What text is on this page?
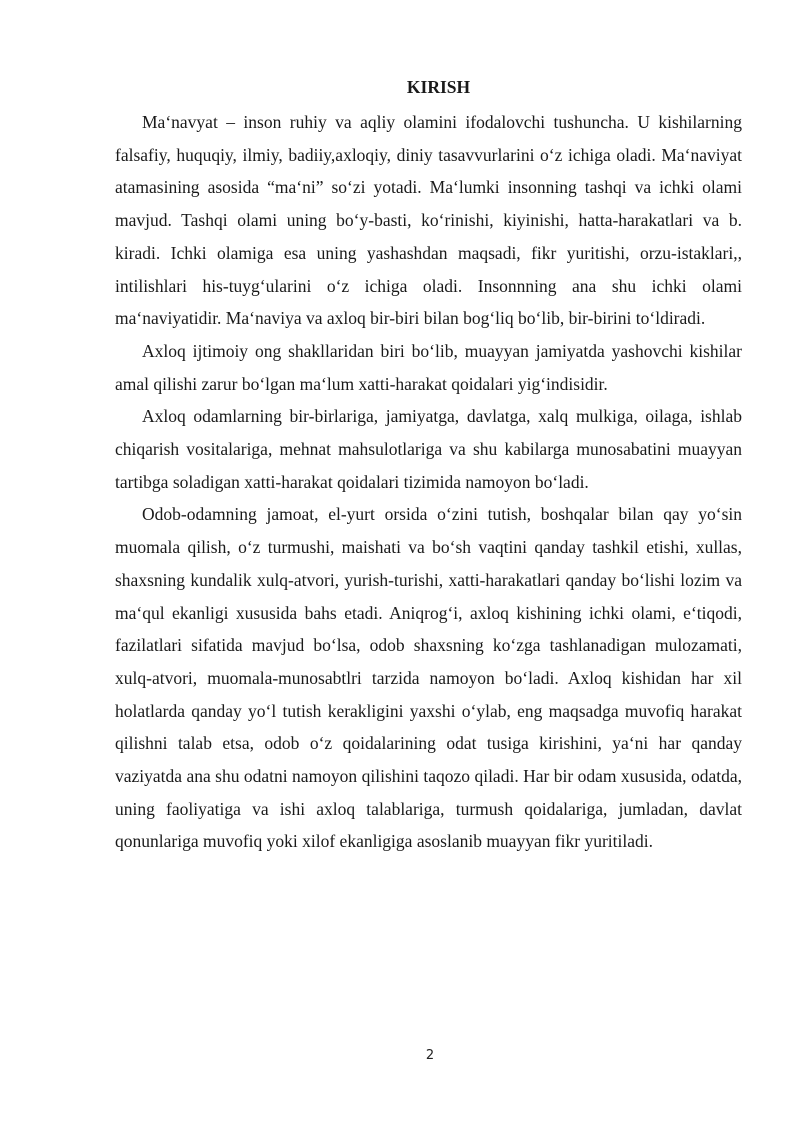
KIRISH

Ma‘navyat – inson ruhiy va aqliy olamini ifodalovchi tushuncha. U kishilarning falsafiy, huquqiy, ilmiy, badiiy,axloqiy, diniy tasavvurlarini o‘z ichiga oladi. Ma‘naviyat atamasining asosida “ma‘ni” so‘zi yotadi. Ma‘lumki insonning tashqi va ichki olami mavjud. Tashqi olami uning bo‘y-basti, ko‘rinishi, kiyinishi, hatta-harakatlari va b. kiradi. Ichki olamiga esa uning yashashdan maqsadi, fikr yuritishi, orzu-istaklari,, intilishlari his-tuyg‘ularini o‘z ichiga oladi. Insonnning ana shu ichki olami ma‘naviyatidir. Ma‘naviya va axloq bir-biri bilan bog‘liq bo‘lib, bir-birini to‘ldiradi.

Axloq ijtimoiy ong shakllaridan biri bo‘lib, muayyan jamiyatda yashovchi kishilar amal qilishi zarur bo‘lgan ma‘lum xatti-harakat qoidalari yig‘indisidir.

Axloq odamlarning bir-birlariga, jamiyatga, davlatga, xalq mulkiga, oilaga, ishlab chiqarish vositalariga, mehnat mahsulotlariga va shu kabilarga munosabatini muayyan tartibga soladigan xatti-harakat qoidalari tizimida namoyon bo‘ladi.

Odob-odamning jamoat, el-yurt orsida o‘zini tutish, boshqalar bilan qay yo‘sin muomala qilish, o‘z turmushi, maishati va bo‘sh vaqtini qanday tashkil etishi, xullas, shaxsning kundalik xulq-atvori, yurish-turishi, xatti-harakatlari qanday bo‘lishi lozim va ma‘qul ekanligi xususida bahs etadi. Aniqrog‘i, axloq kishining ichki olami, e‘tiqodi, fazilatlari sifatida mavjud bo‘lsa, odob shaxsning ko‘zga tashlanadigan mulozamati, xulq-atvori, muomala-munosabtlri tarzida namoyon bo‘ladi. Axloq kishidan har xil holatlarda qanday yo‘l tutish kerakligini yaxshi o‘ylab, eng maqsadga muvofiq harakat qilishni talab etsa, odob o‘z qoidalarining odat tusiga kirishini, ya‘ni har qanday vaziyatda ana shu odatni namoyon qilishini taqozo qiladi. Har bir odam xususida, odatda, uning faoliyatiga va ishi axloq talablariga, turmush qoidalariga, jumladan, davlat qonunlariga muvofiq yoki xilof ekanligiga asoslanib muayyan fikr yuritiladi.

2
